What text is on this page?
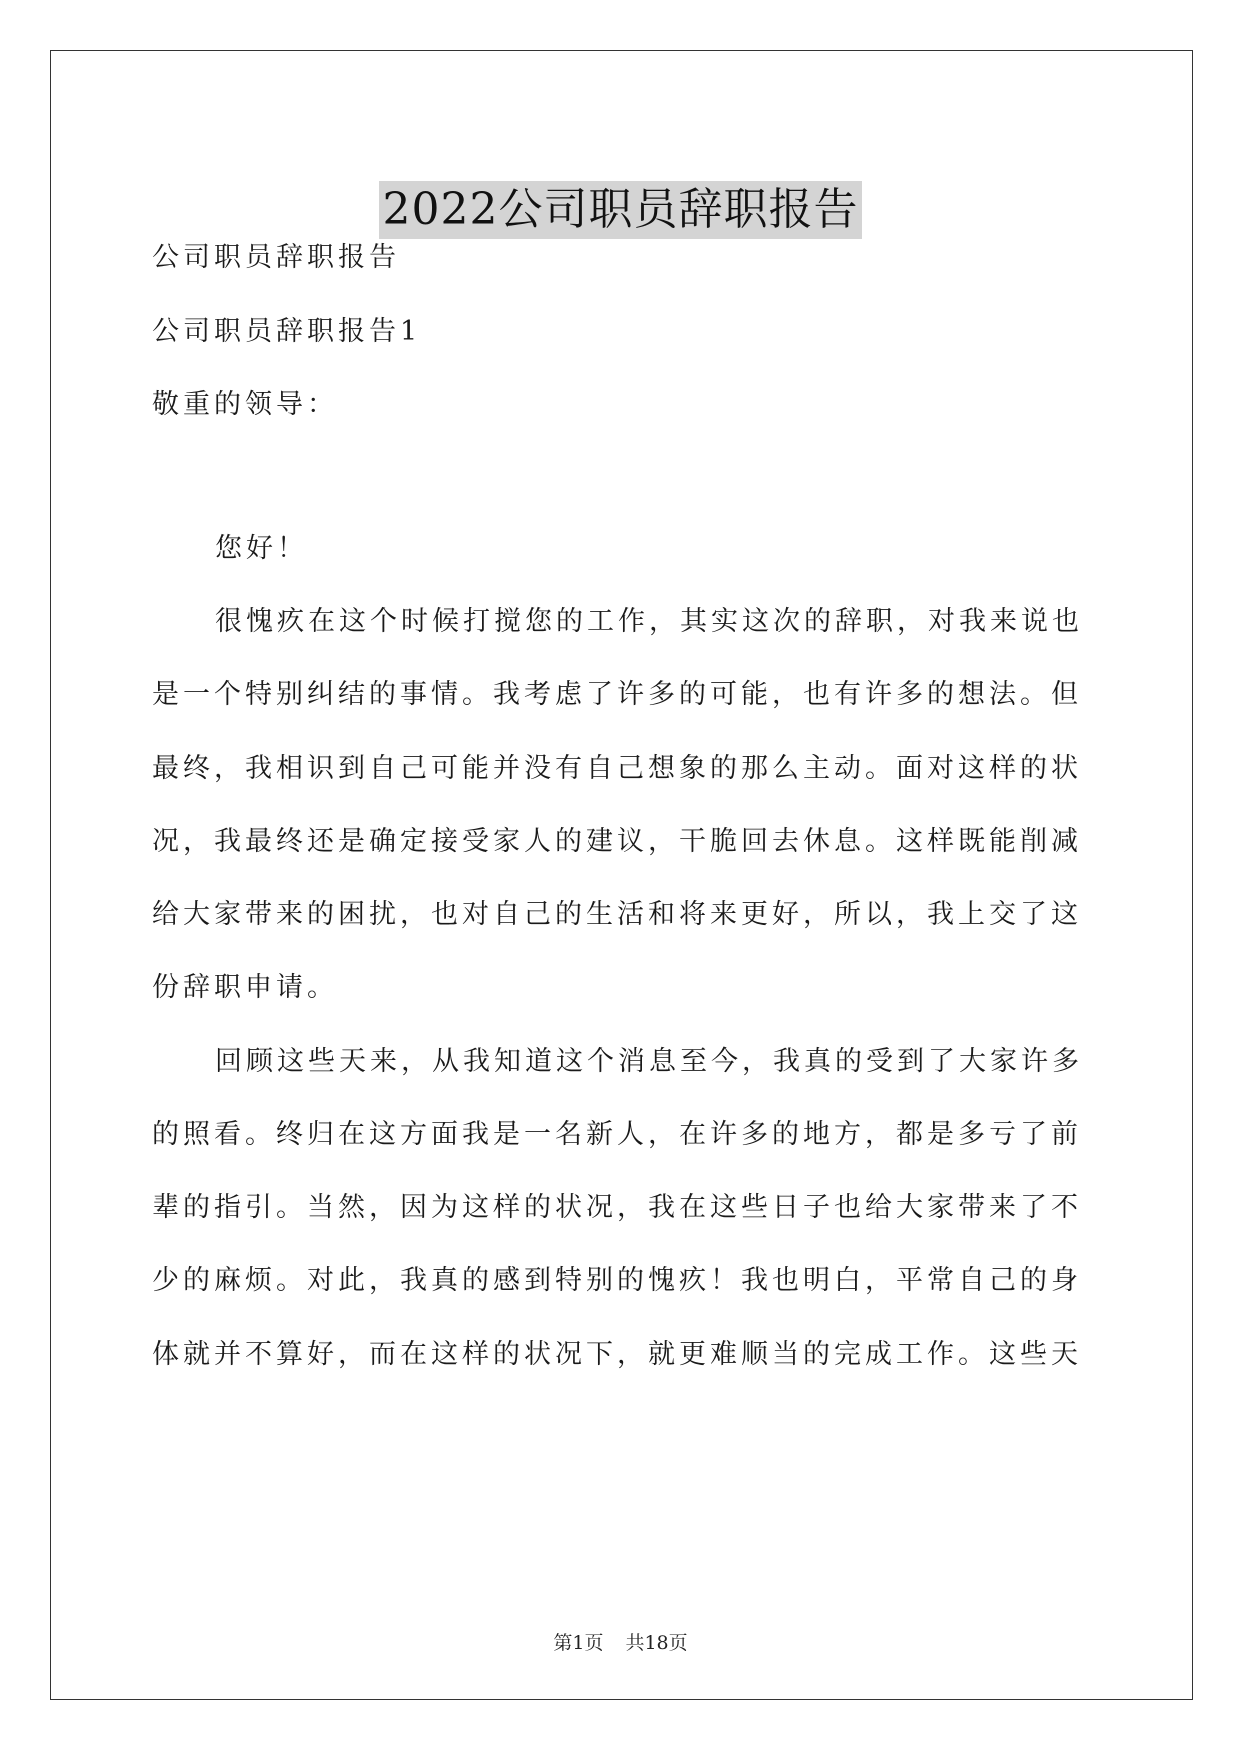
2022公司职员辞职报告
公司职员辞职报告
公司职员辞职报告1
敬重的领导：
您好！
很愧疚在这个时候打搅您的工作，其实这次的辞职，对我来说也
是一个特别纠结的事情。我考虑了许多的可能，也有许多的想法。但
最终，我相识到自己可能并没有自己想象的那么主动。面对这样的状
况，我最终还是确定接受家人的建议，干脆回去休息。这样既能削减
给大家带来的困扰，也对自己的生活和将来更好，所以，我上交了这
份辞职申请。
回顾这些天来，从我知道这个消息至今，我真的受到了大家许多
的照看。终归在这方面我是一名新人，在许多的地方，都是多亏了前
辈的指引。当然，因为这样的状况，我在这些日子也给大家带来了不
少的麻烦。对此，我真的感到特别的愧疚！我也明白，平常自己的身
体就并不算好，而在这样的状况下，就更难顺当的完成工作。这些天
第1页 共18页
